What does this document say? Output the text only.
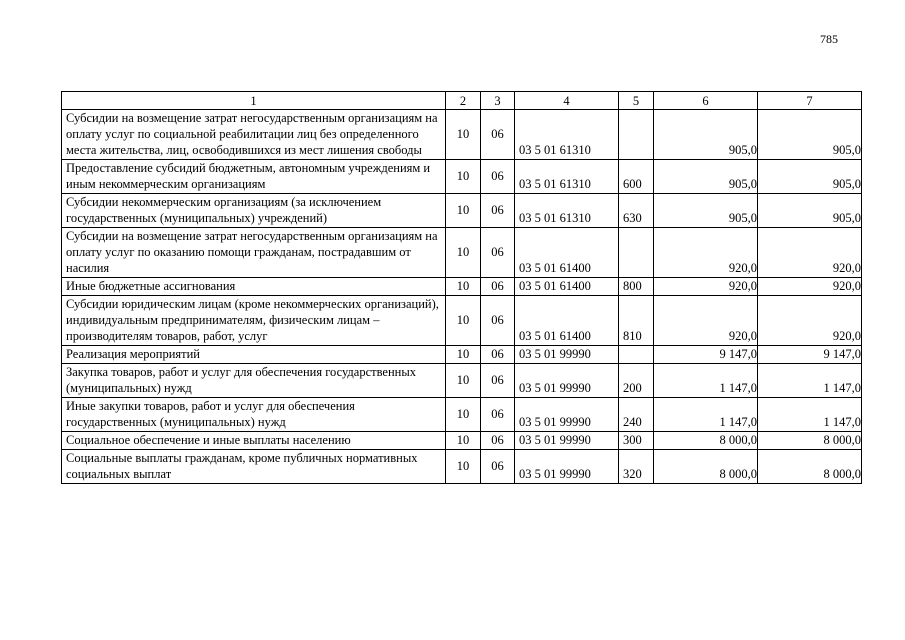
785
1	2	3	4	5	6	7
Субсидии на возмещение затрат негосударственным организациям на оплату услуг по социальной реабилитации лиц без определенного места жительства, лиц, освободившихся из мест лишения свободы	10	06	03 5 01 61310		905,0	905,0
Предоставление субсидий бюджетным, автономным учреждениям и иным некоммерческим организациям	10	06	03 5 01 61310	600	905,0	905,0
Субсидии некоммерческим организациям (за исключением государственных (муниципальных) учреждений)	10	06	03 5 01 61310	630	905,0	905,0
Субсидии на возмещение затрат негосударственным организациям на оплату услуг по оказанию помощи гражданам, пострадавшим от насилия	10	06	03 5 01 61400		920,0	920,0
Иные бюджетные ассигнования	10	06	03 5 01 61400	800	920,0	920,0
Субсидии юридическим лицам (кроме некоммерческих организаций), индивидуальным предпринимателям, физическим лицам – производителям товаров, работ, услуг	10	06	03 5 01 61400	810	920,0	920,0
Реализация мероприятий	10	06	03 5 01 99990		9 147,0	9 147,0
Закупка товаров, работ и услуг для обеспечения государственных (муниципальных) нужд	10	06	03 5 01 99990	200	1 147,0	1 147,0
Иные закупки товаров, работ и услуг для обеспечения государственных (муниципальных) нужд	10	06	03 5 01 99990	240	1 147,0	1 147,0
Социальное обеспечение и иные выплаты населению	10	06	03 5 01 99990	300	8 000,0	8 000,0
Социальные выплаты гражданам, кроме публичных нормативных социальных выплат	10	06	03 5 01 99990	320	8 000,0	8 000,0
